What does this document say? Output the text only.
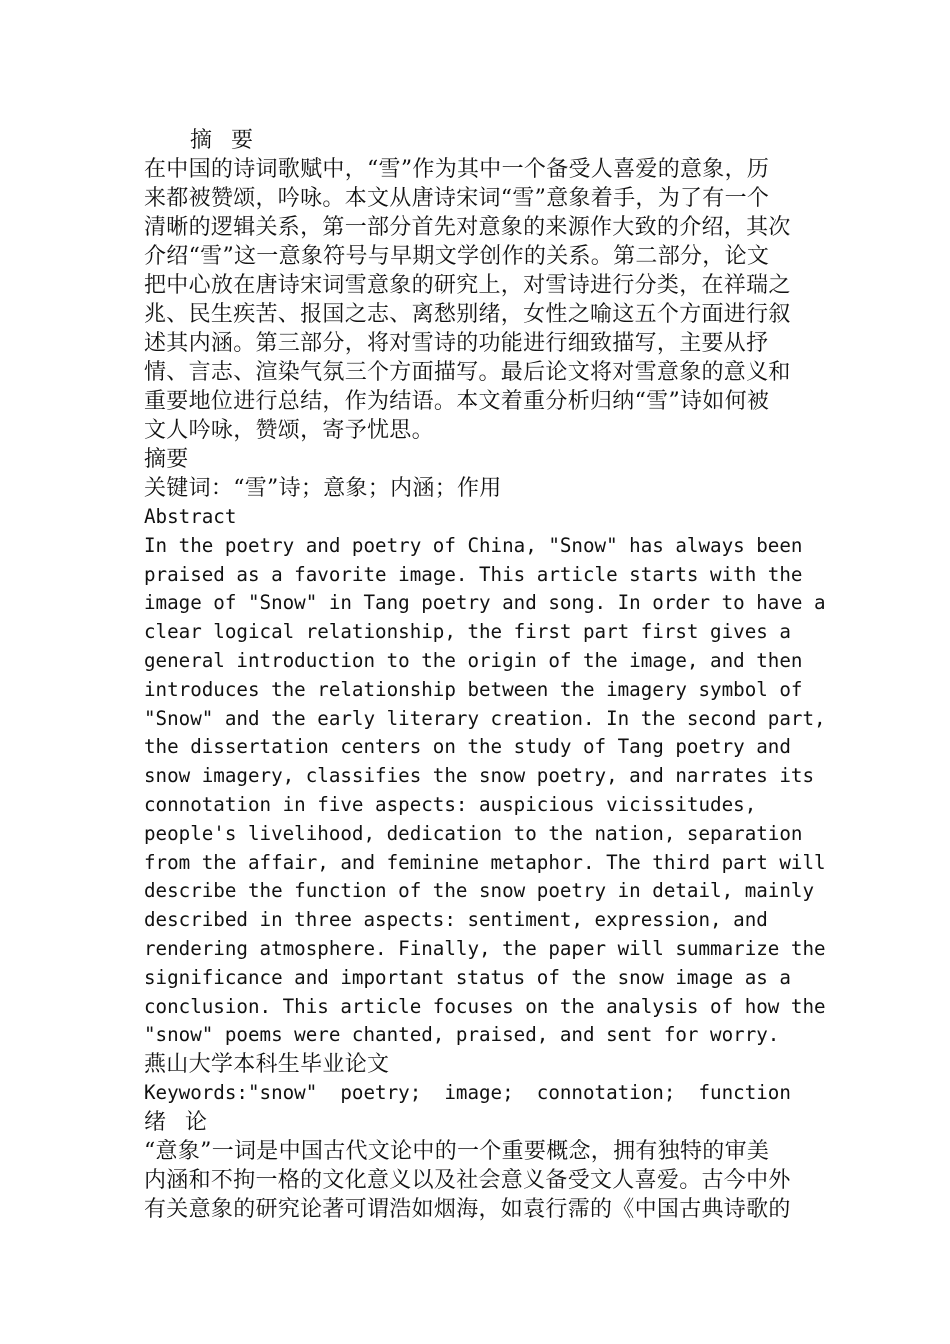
摘 要
在中国的诗词歌赋中，“雪”作为其中一个备受人喜爱的意象，历
来都被赞颂，吟咏。本文从唐诗宋词“雪”意象着手，为了有一个
清晰的逻辑关系，第一部分首先对意象的来源作大致的介绍，其次
介绍“雪”这一意象符号与早期文学创作的关系。第二部分，论文
把中心放在唐诗宋词雪意象的研究上，对雪诗进行分类，在祥瑞之
兆、民生疾苦、报国之志、离愁别绪，女性之喻这五个方面进行叙
述其内涵。第三部分，将对雪诗的功能进行细致描写，主要从抒
情、言志、渲染气氛三个方面描写。最后论文将对雪意象的意义和
重要地位进行总结，作为结语。本文着重分析归纳“雪”诗如何被
文人吟咏，赞颂，寄予忧思。
摘要
关键词：“雪”诗；意象；内涵；作用
Abstract
In the poetry and poetry of China, "Snow" has always been
praised as a favorite image. This article starts with the
image of "Snow" in Tang poetry and song. In order to have a
clear logical relationship, the first part first gives a
general introduction to the origin of the image, and then
introduces the relationship between the imagery symbol of
"Snow" and the early literary creation. In the second part,
the dissertation centers on the study of Tang poetry and
snow imagery, classifies the snow poetry, and narrates its
connotation in five aspects: auspicious vicissitudes,
people's livelihood, dedication to the nation, separation
from the affair, and feminine metaphor. The third part will
describe the function of the snow poetry in detail, mainly
described in three aspects: sentiment, expression, and
rendering atmosphere. Finally, the paper will summarize the
significance and important status of the snow image as a
conclusion. This article focuses on the analysis of how the
"snow" poems were chanted, praised, and sent for worry.
燕山大学本科生毕业论文
Keywords:"snow"  poetry;  image;  connotation;  function
绪 论
“意象”一词是中国古代文论中的一个重要概念，拥有独特的审美
内涵和不拘一格的文化意义以及社会意义备受文人喜爱。古今中外
有关意象的研究论著可谓浩如烟海，如袁行霈的《中国古典诗歌的
